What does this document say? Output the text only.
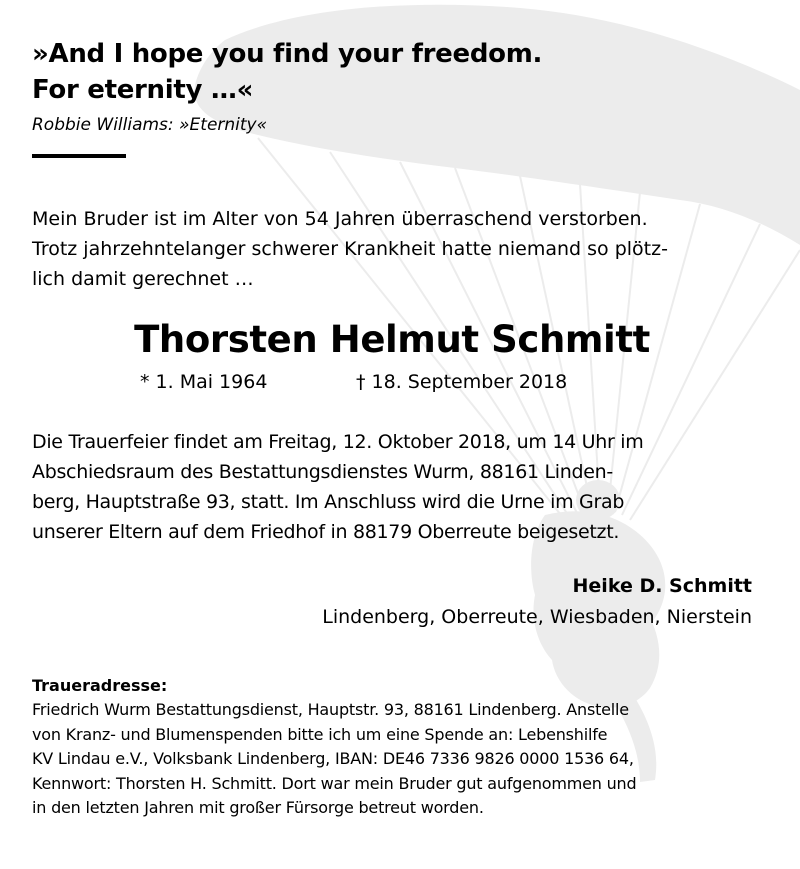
»And I hope you find your freedom.
For eternity …«

Robbie Williams: »Eternity«

Mein Bruder ist im Alter von 54 Jahren überraschend verstorben.
Trotz jahrzehntelanger schwerer Krankheit hatte niemand so plötz-
lich damit gerechnet …
Thorsten Helmut Schmitt
* 1. Mai 1964	† 18. September 2018
Die Trauerfeier findet am Freitag, 12. Oktober 2018, um 14 Uhr im
Abschiedsraum des Bestattungsdienstes Wurm, 88161 Linden-
berg, Hauptstraße 93, statt. Im Anschluss wird die Urne im Grab
unserer Eltern auf dem Friedhof in 88179 Oberreute beigesetzt.
Heike D. Schmitt
Lindenberg, Oberreute, Wiesbaden, Nierstein
Traueradresse:
Friedrich Wurm Bestattungsdienst, Hauptstr. 93, 88161 Lindenberg. Anstelle
von Kranz- und Blumenspenden bitte ich um eine Spende an: Lebenshilfe
KV Lindau e.V., Volksbank Lindenberg, IBAN: DE46 7336 9826 0000 1536 64,
Kennwort: Thorsten H. Schmitt. Dort war mein Bruder gut aufgenommen und
in den letzten Jahren mit großer Fürsorge betreut worden.
